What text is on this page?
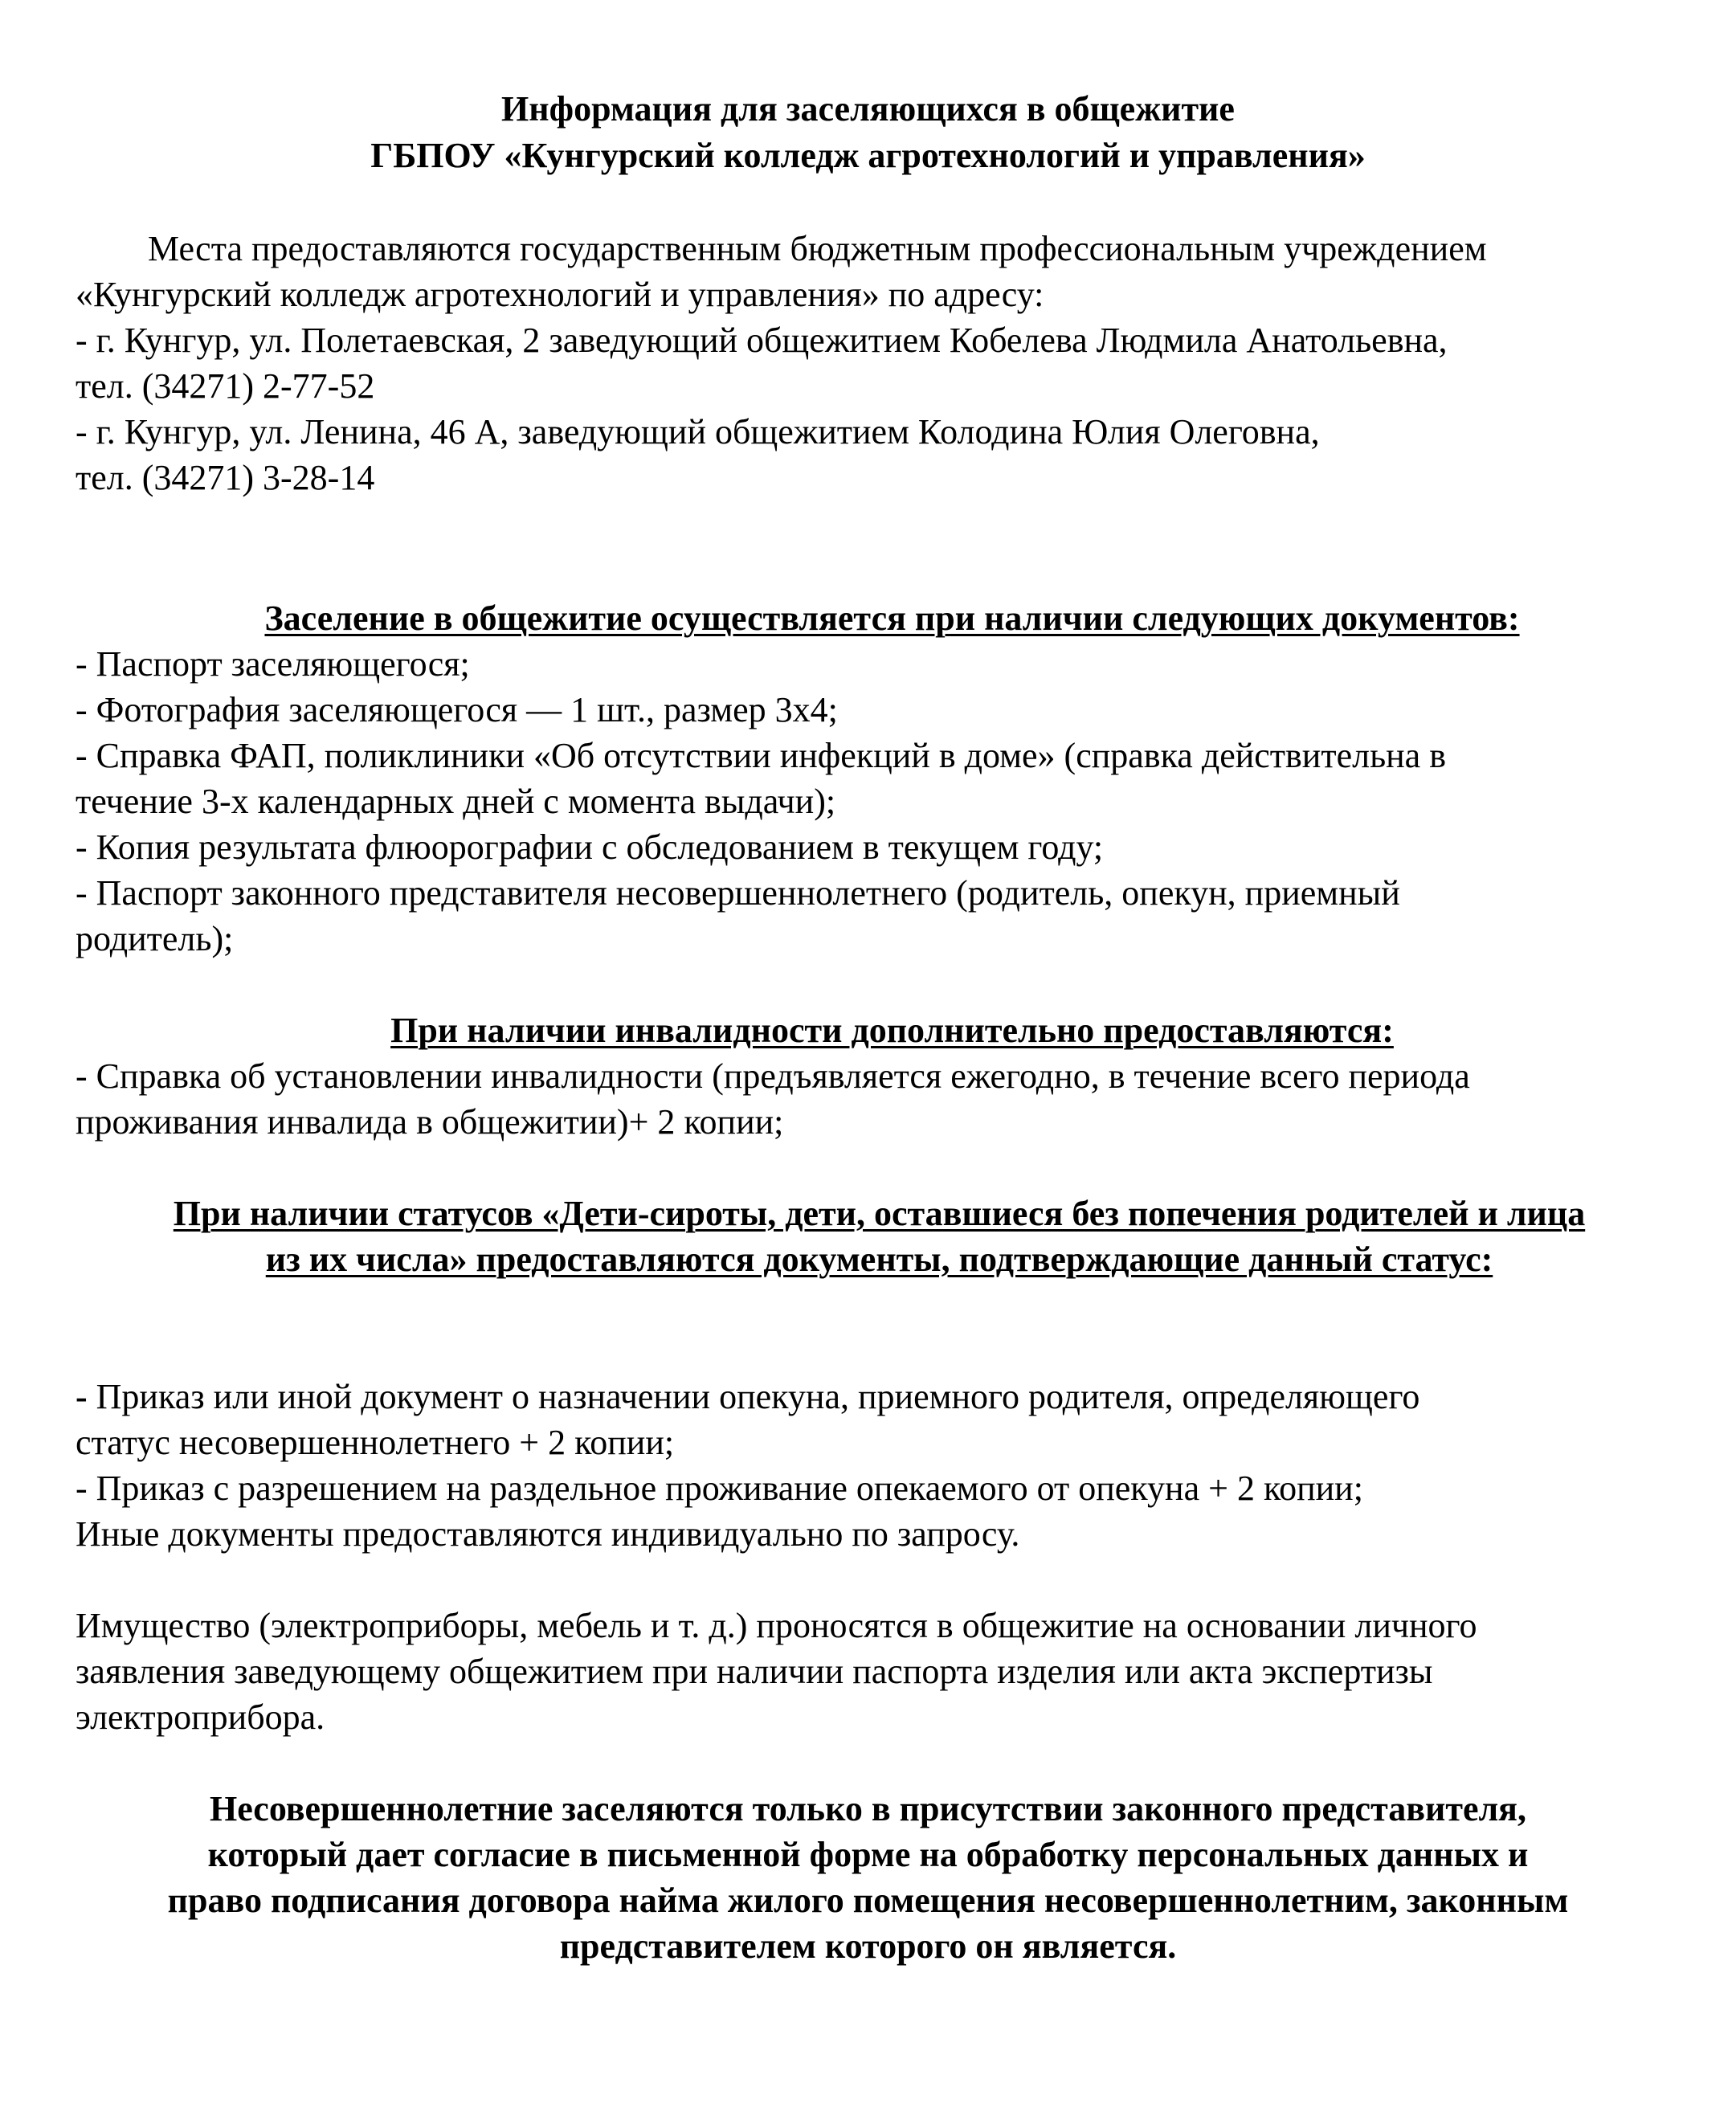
Информация для заселяющихся в общежитие
ГБПОУ «Кунгурский колледж агротехнологий и управления»
Места предоставляются государственным бюджетным профессиональным учреждением
«Кунгурский колледж агротехнологий и управления» по адресу:
- г. Кунгур, ул. Полетаевская, 2 заведующий общежитием Кобелева Людмила Анатольевна,
тел. (34271) 2-77-52
- г. Кунгур, ул. Ленина, 46 А, заведующий общежитием Колодина Юлия Олеговна,
тел. (34271) 3-28-14
Заселение в общежитие осуществляется при наличии следующих документов:
- Паспорт заселяющегося;
- Фотография заселяющегося — 1 шт., размер 3х4;
- Справка ФАП, поликлиники «Об отсутствии инфекций в доме» (справка действительна в
течение 3-х календарных дней с момента выдачи);
- Копия результата флюорографии с обследованием в текущем году;
- Паспорт законного представителя несовершеннолетнего (родитель, опекун, приемный
родитель);
При наличии инвалидности дополнительно предоставляются:
- Справка об установлении инвалидности (предъявляется ежегодно, в течение всего периода
проживания инвалида в общежитии)+ 2 копии;
При наличии статусов «Дети-сироты, дети, оставшиеся без попечения родителей и лица
из их числа» предоставляются документы, подтверждающие данный статус:
- Приказ или иной документ о назначении опекуна, приемного родителя, определяющего
статус несовершеннолетнего + 2 копии;
- Приказ с разрешением на раздельное проживание опекаемого от опекуна + 2 копии;
Иные документы предоставляются индивидуально по запросу.
Имущество (электроприборы, мебель и т. д.) проносятся в общежитие на основании личного
заявления заведующему общежитием при наличии паспорта изделия или акта экспертизы
электроприбора.
Несовершеннолетние заселяются только в присутствии законного представителя,
который дает согласие в письменной форме на обработку персональных данных и
право подписания договора найма жилого помещения несовершеннолетним, законным
представителем которого он является.
